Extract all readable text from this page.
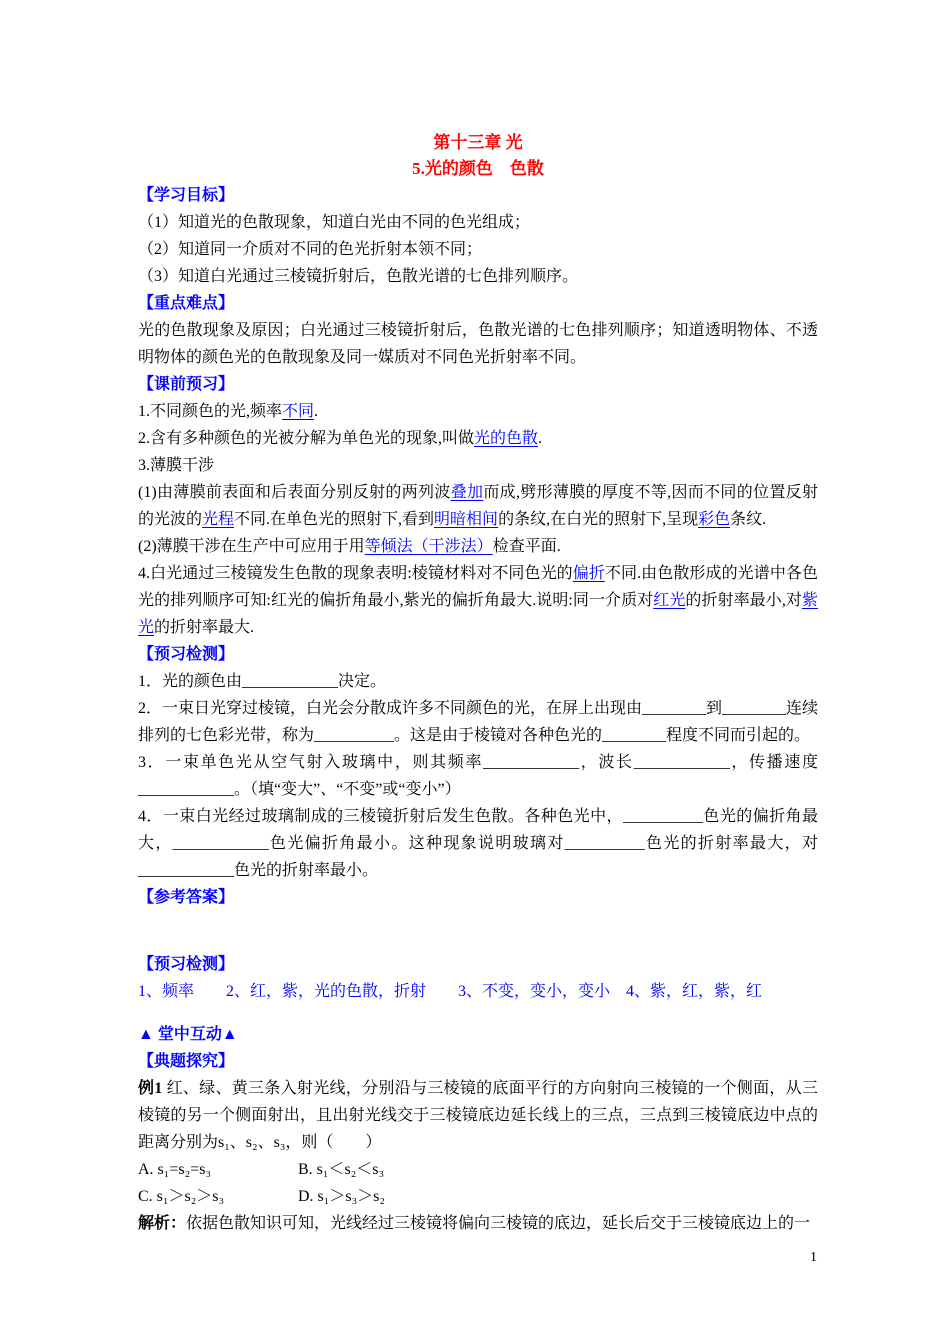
第十三章 光
5.光的颜色　色散
【学习目标】
（1）知道光的色散现象，知道白光由不同的色光组成；
（2）知道同一介质对不同的色光折射本领不同；
（3）知道白光通过三棱镜折射后，色散光谱的七色排列顺序。
【重点难点】
光的色散现象及原因；白光通过三棱镜折射后，色散光谱的七色排列顺序；知道透明物体、不透明物体的颜色光的色散现象及同一媒质对不同色光折射率不同。
【课前预习】
1.不同颜色的光,频率不同.
2.含有多种颜色的光被分解为单色光的现象,叫做光的色散.
3.薄膜干涉
(1)由薄膜前表面和后表面分别反射的两列波叠加而成,劈形薄膜的厚度不等,因而不同的位置反射的光波的光程不同.在单色光的照射下,看到明暗相间的条纹,在白光的照射下,呈现彩色条纹.
(2)薄膜干涉在生产中可应用于用等倾法（干涉法）检查平面.
4.白光通过三棱镜发生色散的现象表明:棱镜材料对不同色光的偏折不同.由色散形成的光谱中各色光的排列顺序可知:红光的偏折角最小,紫光的偏折角最大.说明:同一介质对红光的折射率最小,对紫光的折射率最大.
【预习检测】
1．光的颜色由____________决定。
2．一束日光穿过棱镜，白光会分散成许多不同颜色的光，在屏上出现由________到________连续排列的七色彩光带，称为__________。这是由于棱镜对各种色光的________程度不同而引起的。
3．一束单色光从空气射入玻璃中，则其频率____________，波长____________，传播速度____________。（填“变大”、“不变”或“变小”）
4．一束白光经过玻璃制成的三棱镜折射后发生色散。各种色光中，__________色光的偏折角最大，____________色光偏折角最小。这种现象说明玻璃对__________色光的折射率最大，对____________色光的折射率最小。
【参考答案】
【预习检测】
1、频率　　2、红，紫，光的色散，折射　　3、不变，变小，变小　4、紫，红，紫，红
▲ 堂中互动▲
【典题探究】
例1 红、绿、黄三条入射光线，分别沿与三棱镜的底面平行的方向射向三棱镜的一个侧面，从三棱镜的另一个侧面射出，且出射光线交于三棱镜底边延长线上的三点，三点到三棱镜底边中点的距离分别为s₁、s₂、s₃，则（　　）
A. s₁=s₂=s₃	B. s₁＜s₂＜s₃
C. s₁＞s₂＞s₃	D. s₁＞s₃＞s₂
解析：依据色散知识可知，光线经过三棱镜将偏向三棱镜的底边，延长后交于三棱镜底边上的一
1
